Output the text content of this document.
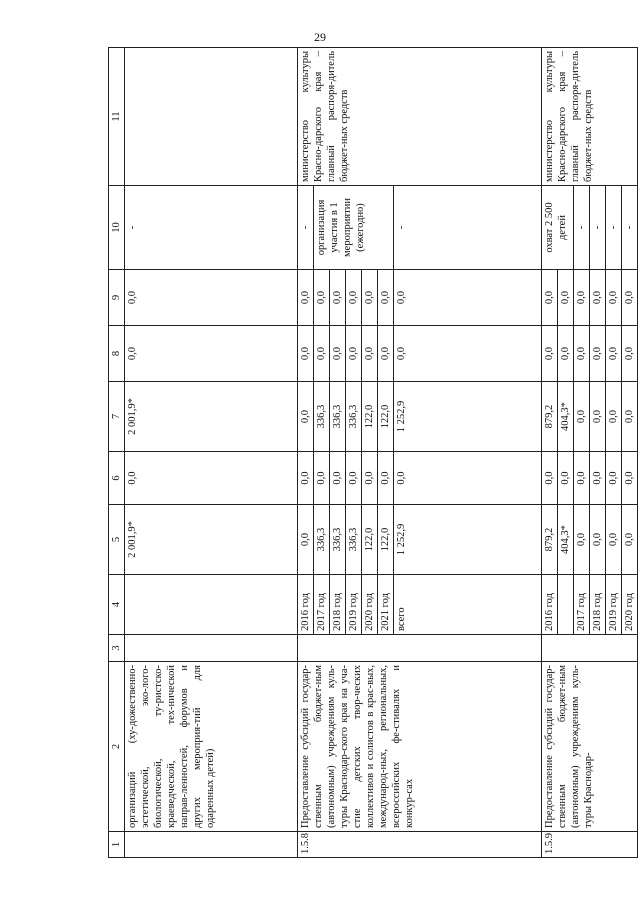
29
1	2	3	4	5	6	7	8	9	10	11
	организаций (ху-дожественно-эстетической, эко-лого-биологической, ту-ристско-краеведческой, тех-нической направ-ленностей, форумов и других мероприя-тий для одаренных детей)			2 001,9*	0,0	2 001,9*	0,0	0,0	-	
1.5.8	Предоставление субсидий государ-ственным бюджет-ным (автономным) учреждениям куль-туры Краснодар-ского края на уча-стие детских твор-ческих коллективов и солистов в крас-вых, международ-ных, региональных, всероссийских фе-стивалях и конкур-сах		2016 год	0,0	0,0	0,0	0,0	0,0	-	министерство культуры Красно-дарского края – главный распоря-дитель бюджет-ных средств
			2017 год	336,3	0,0	336,3	0,0	0,0	организация участия в 1 мероприятии (ежегодно)	
			2018 год	336,3	0,0	336,3	0,0	0,0		
			2019 год	336,3	0,0	336,3	0,0	0,0		
			2020 год	122,0	0,0	122,0	0,0	0,0		
			2021 год	122,0	0,0	122,0	0,0	0,0		
			всего	1 252,9	0,0	1 252,9	0,0	0,0	-	
1.5.9	Предоставление субсидий государ-ственным бюджет-ным (автономным) учреждениям куль-туры Краснодар-		2016 год	879,2	0,0	879,2	0,0	0,0	охват 2 500 детей	министерство культуры Красно-дарского края – главный распоря-дитель бюджет-ных средств
				404,3*	0,0	404,3*	0,0	0,0		
			2017 год	0,0	0,0	0,0	0,0	0,0	-	
			2018 год	0,0	0,0	0,0	0,0	0,0	-	
			2019 год	0,0	0,0	0,0	0,0	0,0	-	
			2020 год	0,0	0,0	0,0	0,0	0,0	-	
